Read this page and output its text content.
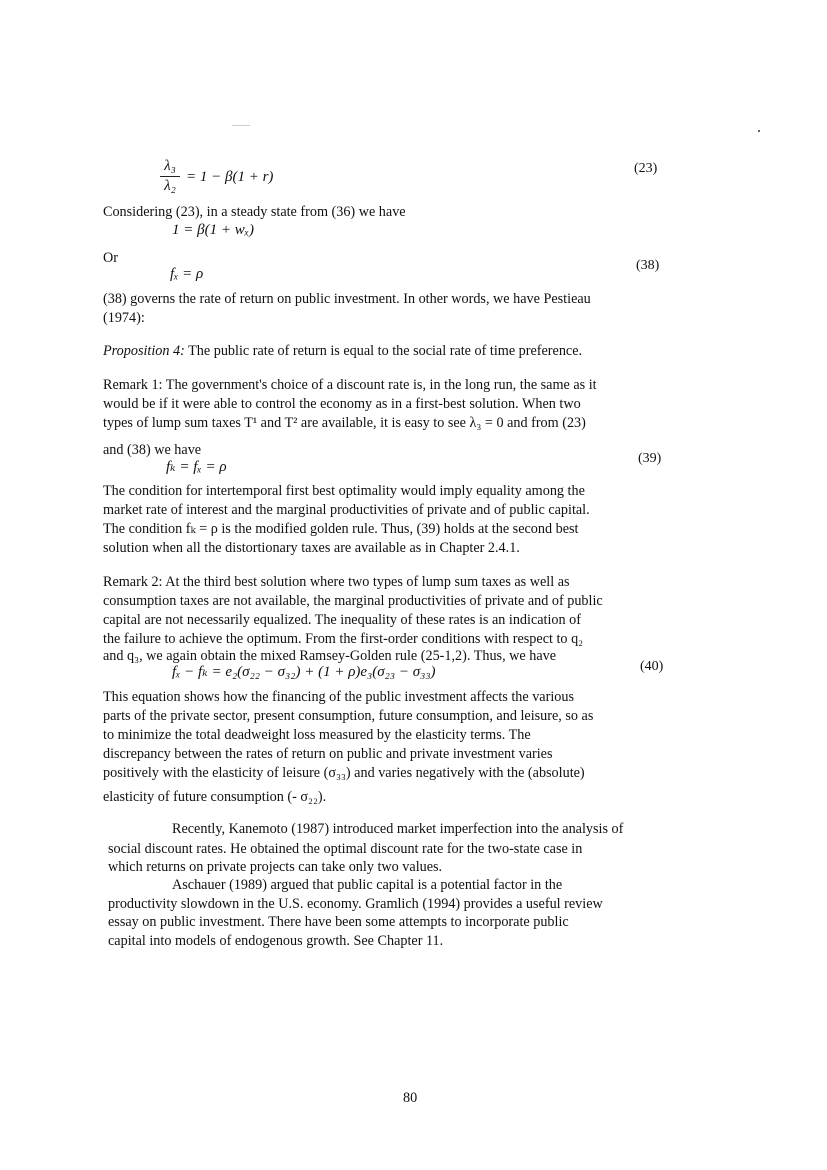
λ₃
λ₂
= 1 − β(1 + r)
(23)
Considering (23), in a steady state from (36) we have
1 = β(1 + wₓ)
Or
fₓ = ρ
(38)
(38) governs the rate of return on public investment. In other words, we have Pestieau
(1974):
Proposition 4: The public rate of return is equal to the social rate of time preference.
Remark 1: The government's choice of a discount rate is, in the long run, the same as it
would be if it were able to control the economy as in a first-best solution. When two
types of lump sum taxes T¹ and T² are available, it is easy to see λ₃ = 0 and from (23)
and (38) we have
fₖ = fₓ = ρ
(39)
The condition for intertemporal first best optimality would imply equality among the
market rate of interest and the marginal productivities of private and of public capital.
The condition fₖ = ρ is the modified golden rule. Thus, (39) holds at the second best
solution when all the distortionary taxes are available as in Chapter 2.4.1.
Remark 2: At the third best solution where two types of lump sum taxes as well as
consumption taxes are not available, the marginal productivities of private and of public
capital are not necessarily equalized. The inequality of these rates is an indication of
the failure to achieve the optimum. From the first-order conditions with respect to q₂
and q₃, we again obtain the mixed Ramsey-Golden rule (25-1,2). Thus, we have
fₓ − fₖ = e₂(σ₂₂ − σ₃₂) + (1 + ρ)e₃(σ₂₃ − σ₃₃)	(40)
This equation shows how the financing of the public investment affects the various
parts of the private sector, present consumption, future consumption, and leisure, so as
to minimize the total deadweight loss measured by the elasticity terms. The
discrepancy between the rates of return on public and private investment varies
positively with the elasticity of leisure (σ₃₃) and varies negatively with the (absolute)
elasticity of future consumption (- σ₂₂).
Recently, Kanemoto (1987) introduced market imperfection into the analysis of
social discount rates. He obtained the optimal discount rate for the two-state case in
which returns on private projects can take only two values.
Aschauer (1989) argued that public capital is a potential factor in the
productivity slowdown in the U.S. economy. Gramlich (1994) provides a useful review
essay on public investment. There have been some attempts to incorporate public
capital into models of endogenous growth. See Chapter 11.
80
